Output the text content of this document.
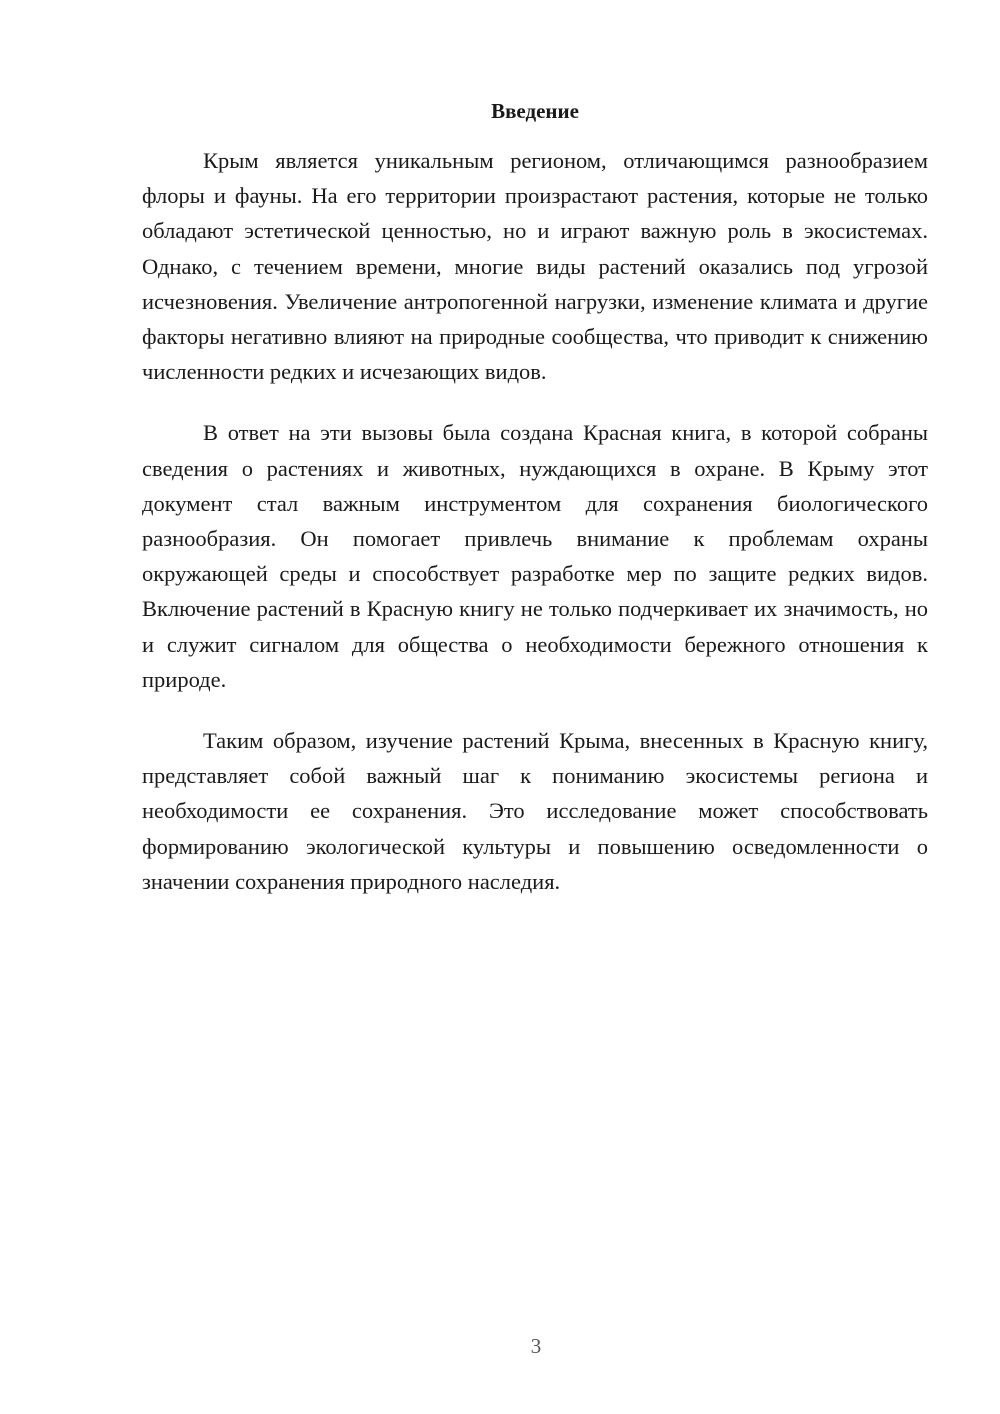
Введение

Крым является уникальным регионом, отличающимся разнообразием флоры и фауны. На его территории произрастают растения, которые не только обладают эстетической ценностью, но и играют важную роль в экосистемах. Однако, с течением времени, многие виды растений оказались под угрозой исчезновения. Увеличение антропогенной нагрузки, изменение климата и другие факторы негативно влияют на природные сообщества, что приводит к снижению численности редких и исчезающих видов.

В ответ на эти вызовы была создана Красная книга, в которой собраны сведения о растениях и животных, нуждающихся в охране. В Крыму этот документ стал важным инструментом для сохранения биологического разнообразия. Он помогает привлечь внимание к проблемам охраны окружающей среды и способствует разработке мер по защите редких видов. Включение растений в Красную книгу не только подчеркивает их значимость, но и служит сигналом для общества о необходимости бережного отношения к природе.

Таким образом, изучение растений Крыма, внесенных в Красную книгу, представляет собой важный шаг к пониманию экосистемы региона и необходимости ее сохранения. Это исследование может способствовать формированию экологической культуры и повышению осведомленности о значении сохранения природного наследия.

3
